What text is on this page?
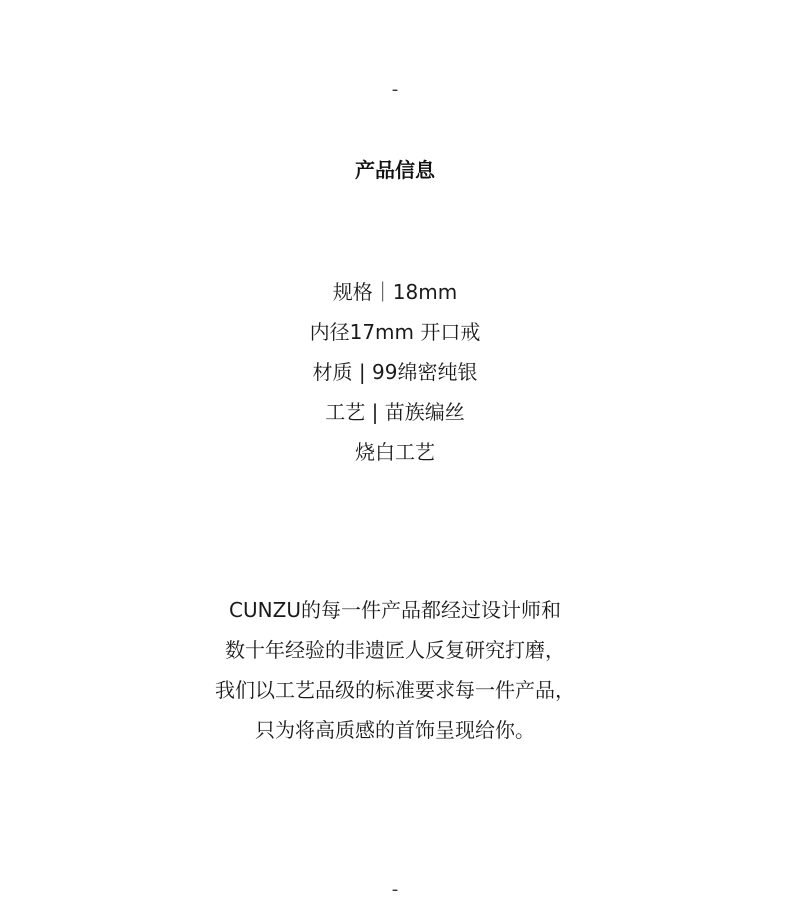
-
产品信息
规格｜18mm
内径17mm 开口戒
材质 | 99绵密纯银
工艺 | 苗族编丝
烧白工艺
CUNZU的每一件产品都经过设计师和
数十年经验的非遗匠人反复研究打磨，
我们以工艺品级的标准要求每一件产品，
只为将高质感的首饰呈现给你。
-
